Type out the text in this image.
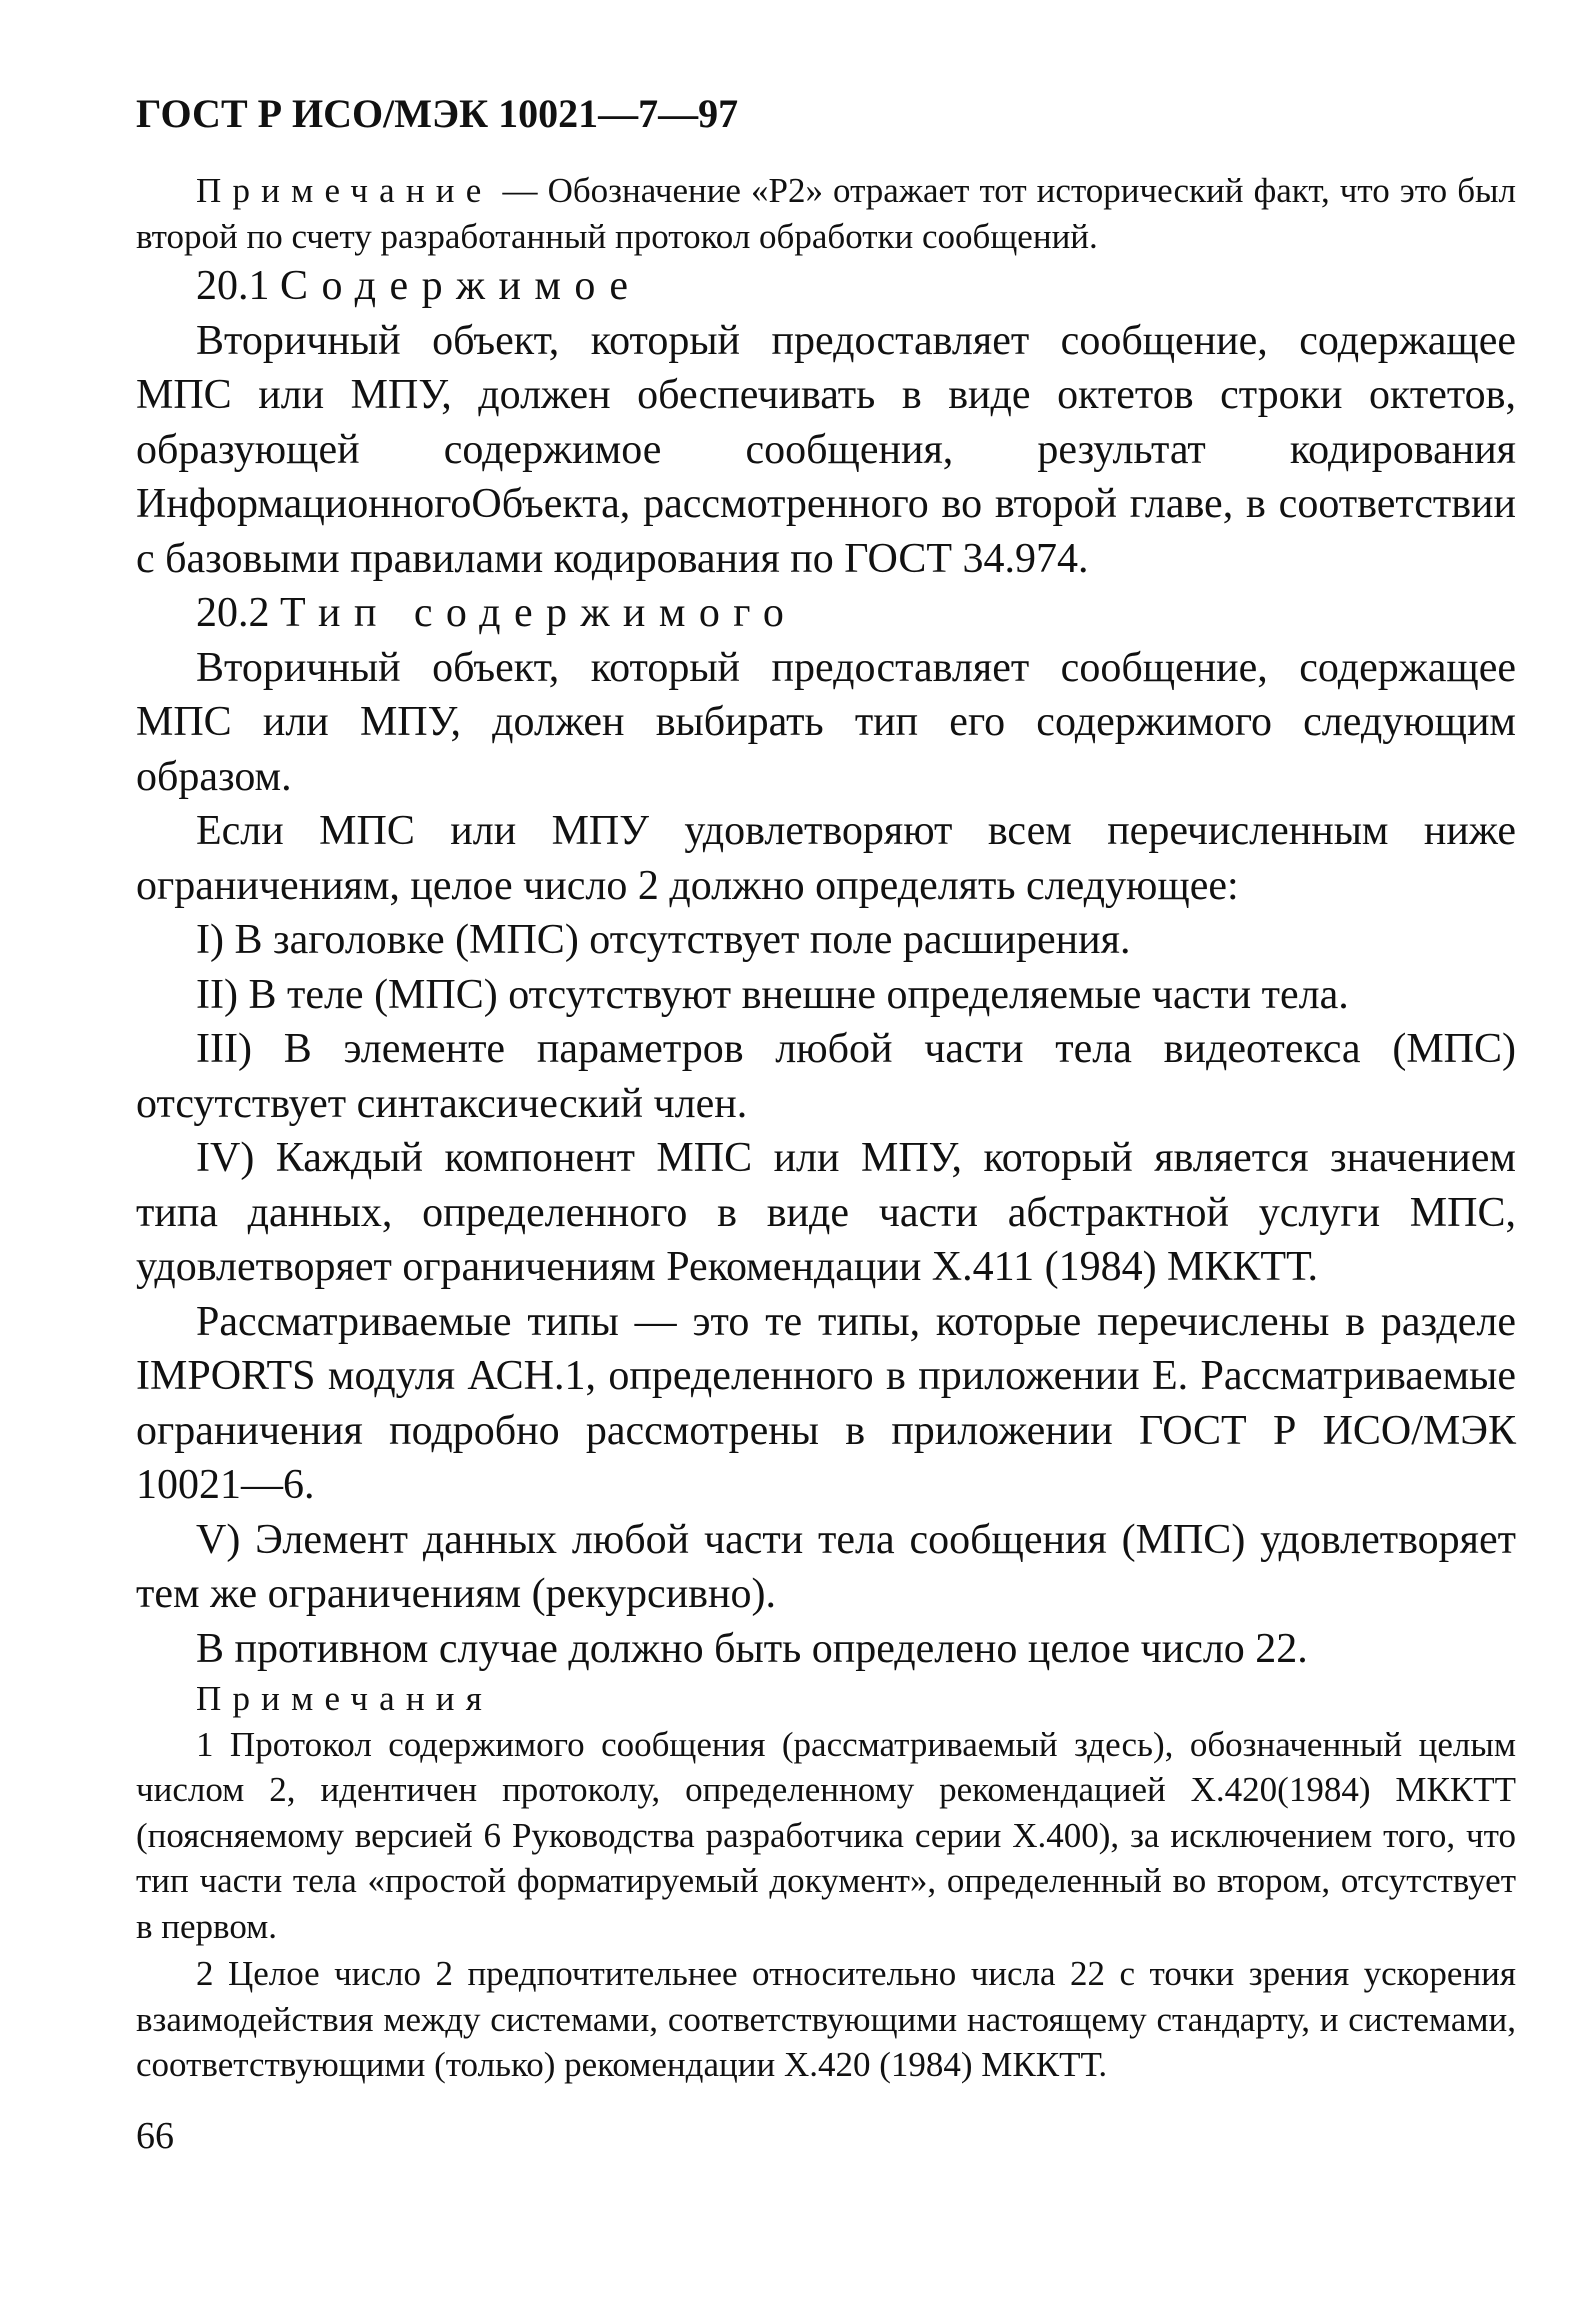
ГОСТ Р ИСО/МЭК 10021—7—97

Примечание — Обозначение «Р2» отражает тот исторический факт, что это был второй по счету разработанный протокол обработки сообщений.

20.1 Содержимое

Вторичный объект, который предоставляет сообщение, содержащее МПС или МПУ, должен обеспечивать в виде октетов строки октетов, образующей содержимое сообщения, результат кодирования ИнформационногоОбъекта, рассмотренного во второй главе, в соответствии с базовыми правилами кодирования по ГОСТ 34.974.

20.2 Тип содержимого

Вторичный объект, который предоставляет сообщение, содержащее МПС или МПУ, должен выбирать тип его содержимого следующим образом.

Если МПС или МПУ удовлетворяют всем перечисленным ниже ограничениям, целое число 2 должно определять следующее:

I) В заголовке (МПС) отсутствует поле расширения.

II) В теле (МПС) отсутствуют внешне определяемые части тела.

III) В элементе параметров любой части тела видеотекса (МПС) отсутствует синтаксический член.

IV) Каждый компонент МПС или МПУ, который является значением типа данных, определенного в виде части абстрактной услуги МПС, удовлетворяет ограничениям Рекомендации X.411 (1984) МККТТ.

Рассматриваемые типы — это те типы, которые перечислены в разделе IMPORTS модуля АСН.1, определенного в приложении Е. Рассматриваемые ограничения подробно рассмотрены в приложении ГОСТ Р ИСО/МЭК 10021—6.

V) Элемент данных любой части тела сообщения (МПС) удовлетворяет тем же ограничениям (рекурсивно).

В противном случае должно быть определено целое число 22.

Примечания

1 Протокол содержимого сообщения (рассматриваемый здесь), обозначенный целым числом 2, идентичен протоколу, определенному рекомендацией X.420(1984) МККТТ (поясняемому версией 6 Руководства разработчика серии X.400), за исключением того, что тип части тела «простой форматируемый документ», определенный во втором, отсутствует в первом.

2 Целое число 2 предпочтительнее относительно числа 22 с точки зрения ускорения взаимодействия между системами, соответствующими настоящему стандарту, и системами, соответствующими (только) рекомендации X.420 (1984) МККТТ.

66
